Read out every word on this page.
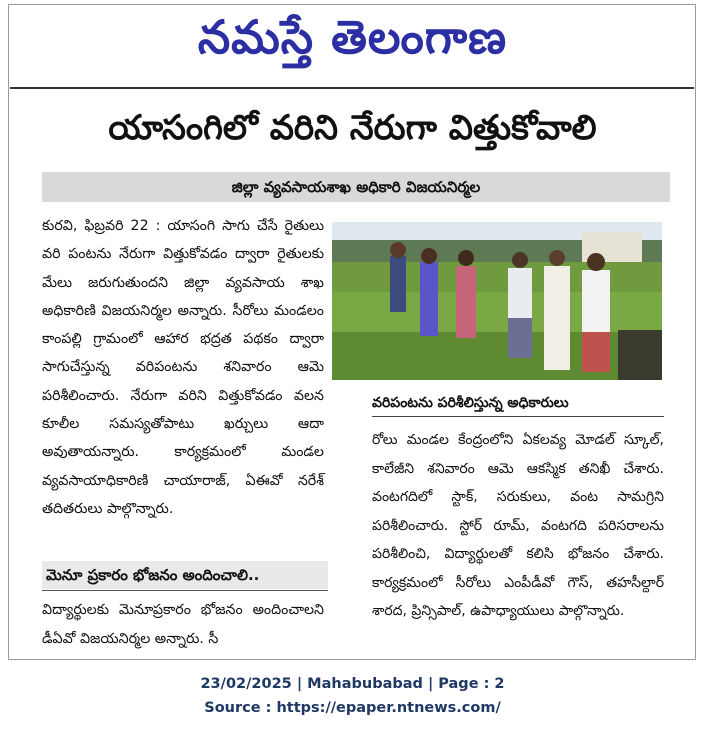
నమస్తే తెలంగాణ
యాసంగిలో వరిని నేరుగా విత్తుకోవాలి
జిల్లా వ్యవసాయశాఖ అధికారి విజయనిర్మల
కురవి, ఫిబ్రవరి 22 : యాసంగి సాగు చేసే రైతులు వరి పంటను నేరుగా విత్తుకోవడం ద్వారా రైతులకు మేలు జరుగుతుందని జిల్లా వ్యవసాయ శాఖ అధికారిణి విజయనిర్మల అన్నారు. సీరోలు మండలం కాంపల్లి గ్రామంలో ఆహార భద్రత పథకం ద్వారా సాగుచేస్తున్న వరిపంటను శనివారం ఆమె పరిశీలించారు. నేరుగా వరిని విత్తుకోవడం వలన కూలీల సమస్యతోపాటు ఖర్చులు ఆదా అవుతాయన్నారు. కార్యక్రమంలో మండల వ్యవసాయాధికారిణి చాయారాజ్, ఏఈవో నరేశ్ తదితరులు పాల్గొన్నారు.
వరిపంటను పరిశీలిస్తున్న అధికారులు
రోలు మండల కేంద్రంలోని ఏకలవ్య మోడల్ స్కూల్, కాలేజీని శనివారం ఆమె ఆకస్మిక తనిఖీ చేశారు. వంటగదిలో స్టాక్, సరుకులు, వంట సామగ్రిని పరిశీలించారు. స్టోర్ రూమ్, వంటగది పరిసరాలను పరిశీలించి, విద్యార్థులతో కలిసి భోజనం చేశారు. కార్యక్రమంలో సీరోలు ఎంపీడీవో గౌస్, తహసీల్దార్ శారద, ప్రిన్సిపాల్, ఉపాధ్యాయులు పాల్గొన్నారు.
మెనూ ప్రకారం భోజనం అందించాలి..
విద్యార్థులకు మెనూప్రకారం భోజనం అందించాలని డీఏవో విజయనిర్మల అన్నారు. సీ
23/02/2025 | Mahabubabad | Page : 2
Source : https://epaper.ntnews.com/
